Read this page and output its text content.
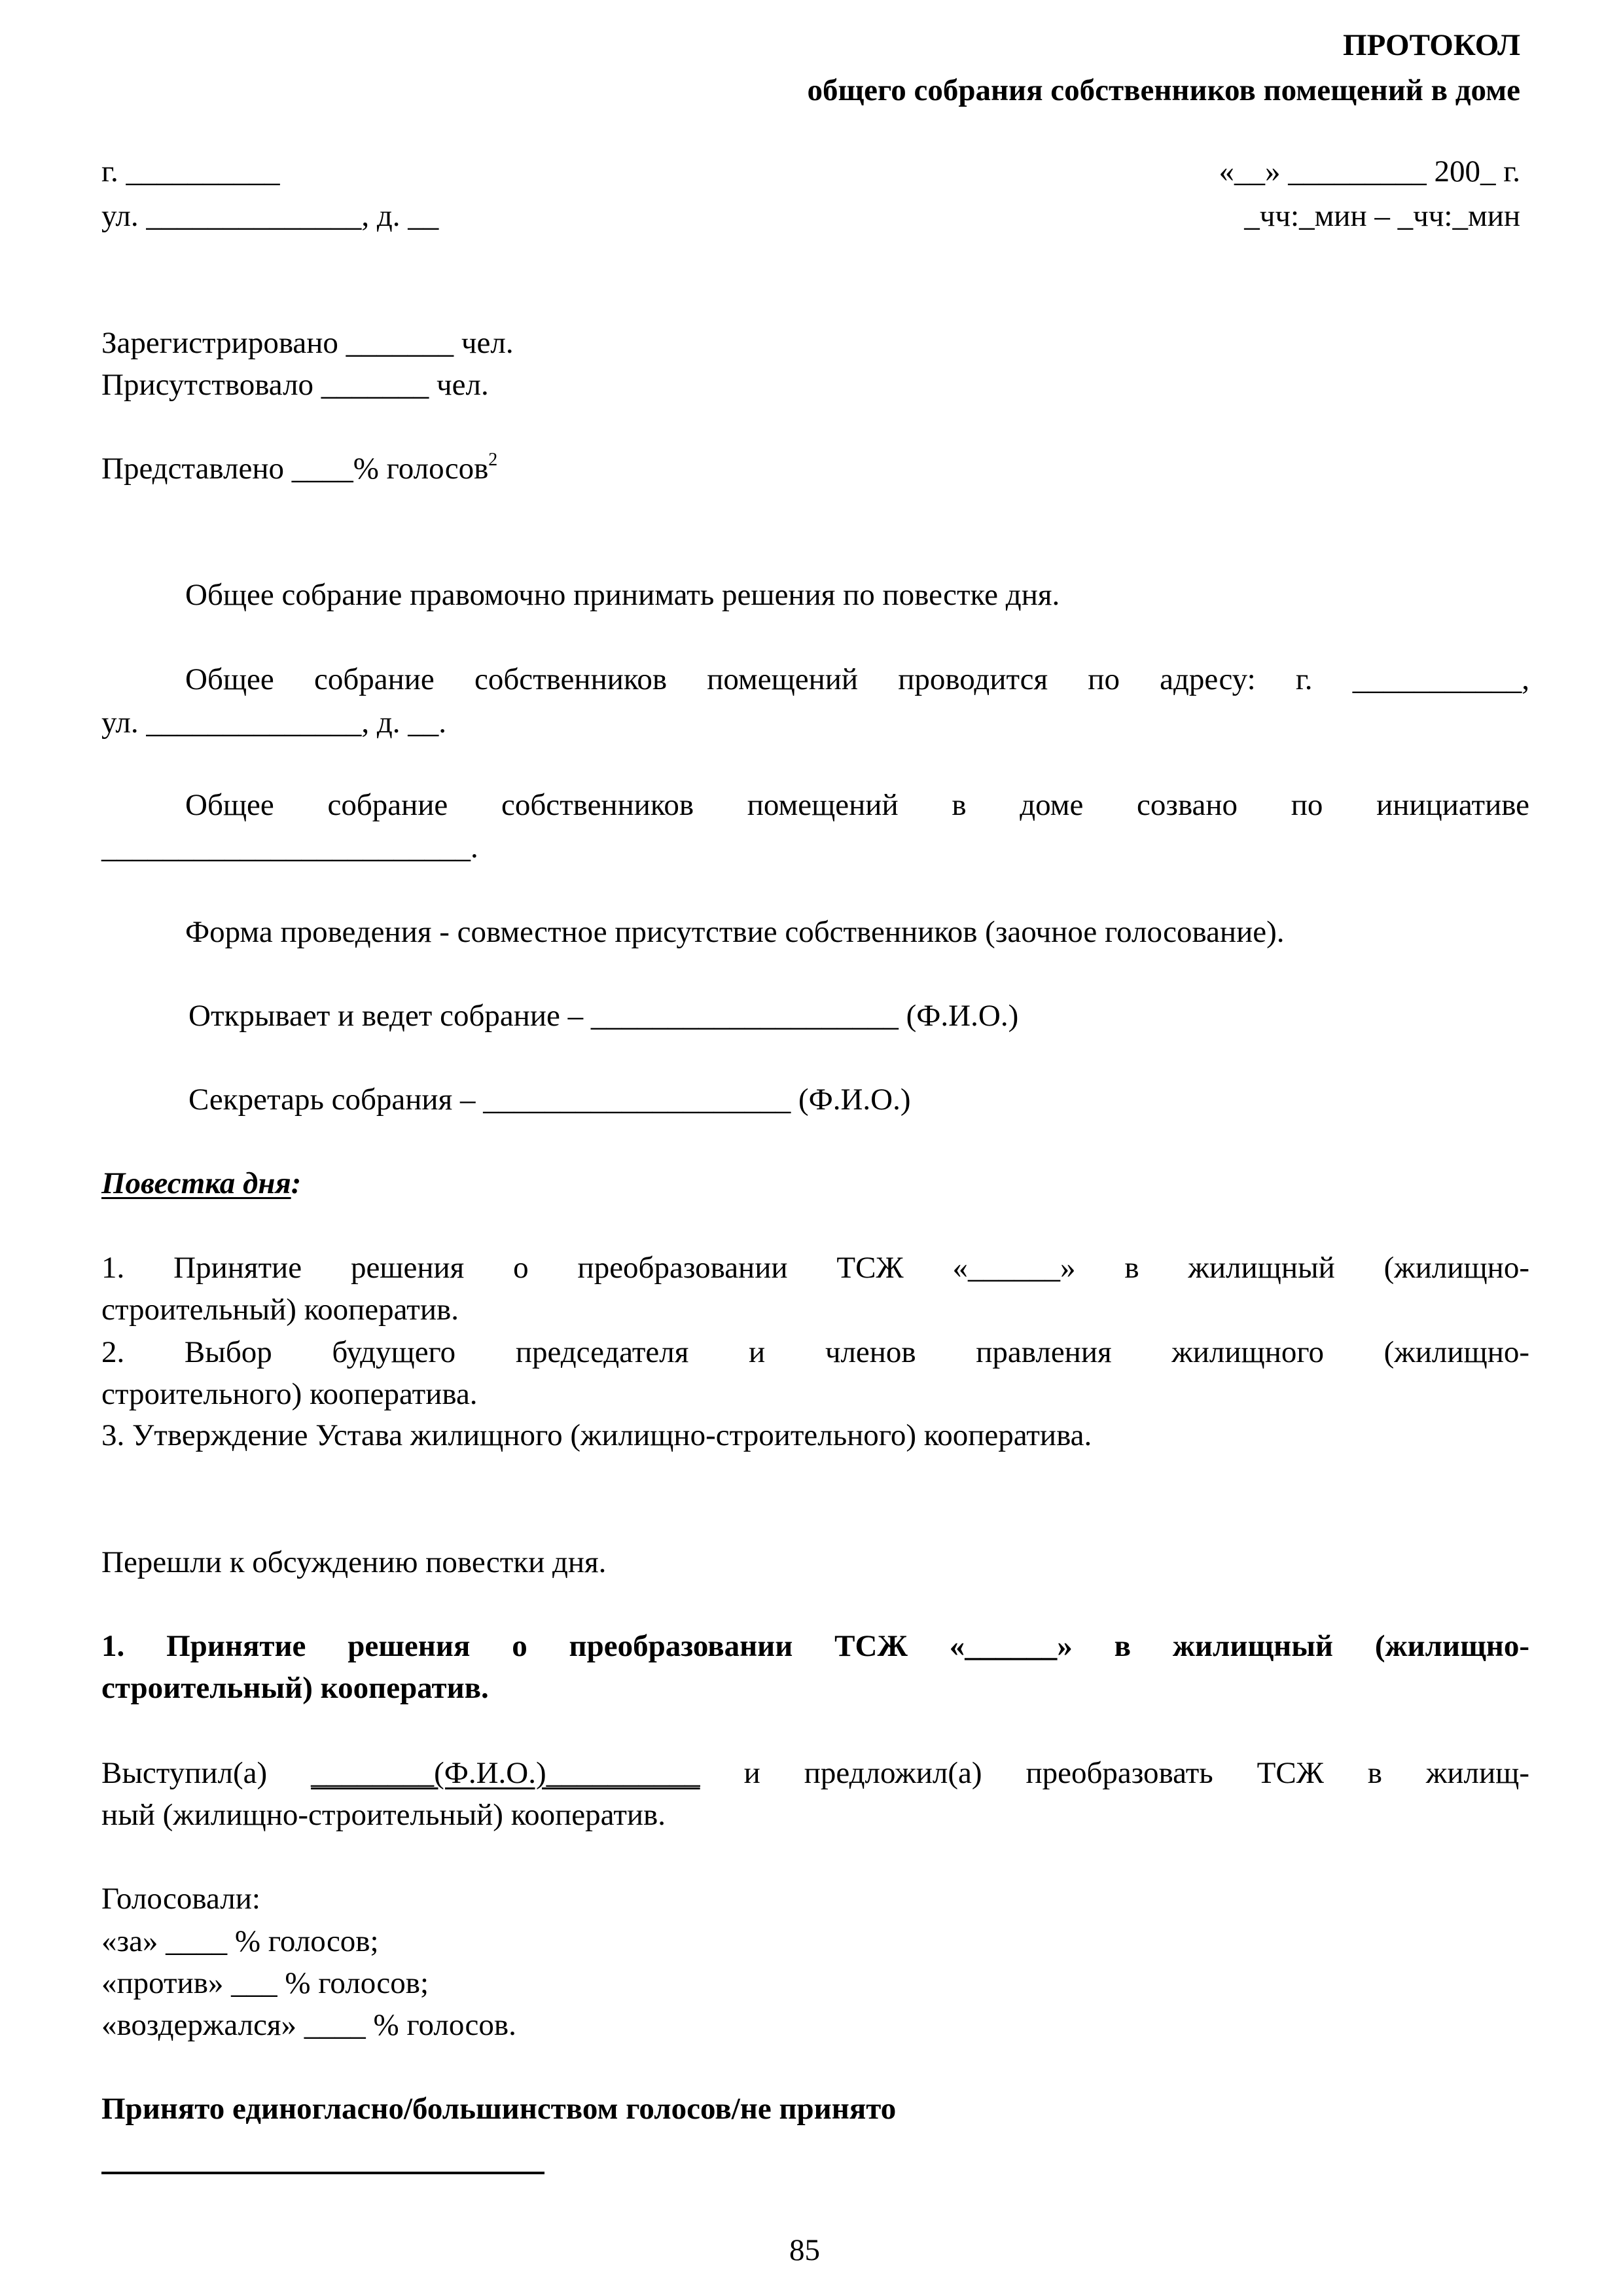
ПРОТОКОЛ
общего собрания собственников помещений в доме
г. __________	«__» _________ 200_ г.
ул. ______________, д. __	_чч:_мин – _чч:_мин
Зарегистрировано _______ чел.
Присутствовало _______ чел.
Представлено ____% голосов$^2$
Общее собрание правомочно принимать решения по повестке дня.
Общее собрание собственников помещений проводится по адресу: г. ___________,
ул. ______________, д. __.
Общее собрание собственников помещений в доме созвано по инициативе
________________________.
Форма проведения - совместное присутствие собственников (заочное голосование).
Открывает и ведет собрание – ____________________ (Ф.И.О.)
Секретарь собрания – ____________________ (Ф.И.О.)
Повестка дня:
1. Принятие решения о преобразовании ТСЖ «______» в жилищный (жилищно-
строительный) кооператив.
2. Выбор будущего председателя и членов правления жилищного (жилищно-
строительного) кооператива.
3. Утверждение Устава жилищного (жилищно-строительного) кооператива.
Перешли к обсуждению повестки дня.
1. Принятие решения о преобразовании ТСЖ «______» в жилищный (жилищно-
строительный) кооператив.
Выступил(а) ________(Ф.И.О.)__________ и предложил(а) преобразовать ТСЖ в жилищ-
ный (жилищно-строительный) кооператив.
Голосовали:
«за» ____ % голосов;
«против» ___ % голосов;
«воздержался» ____ % голосов.
Принято единогласно/большинством голосов/не принято
85
